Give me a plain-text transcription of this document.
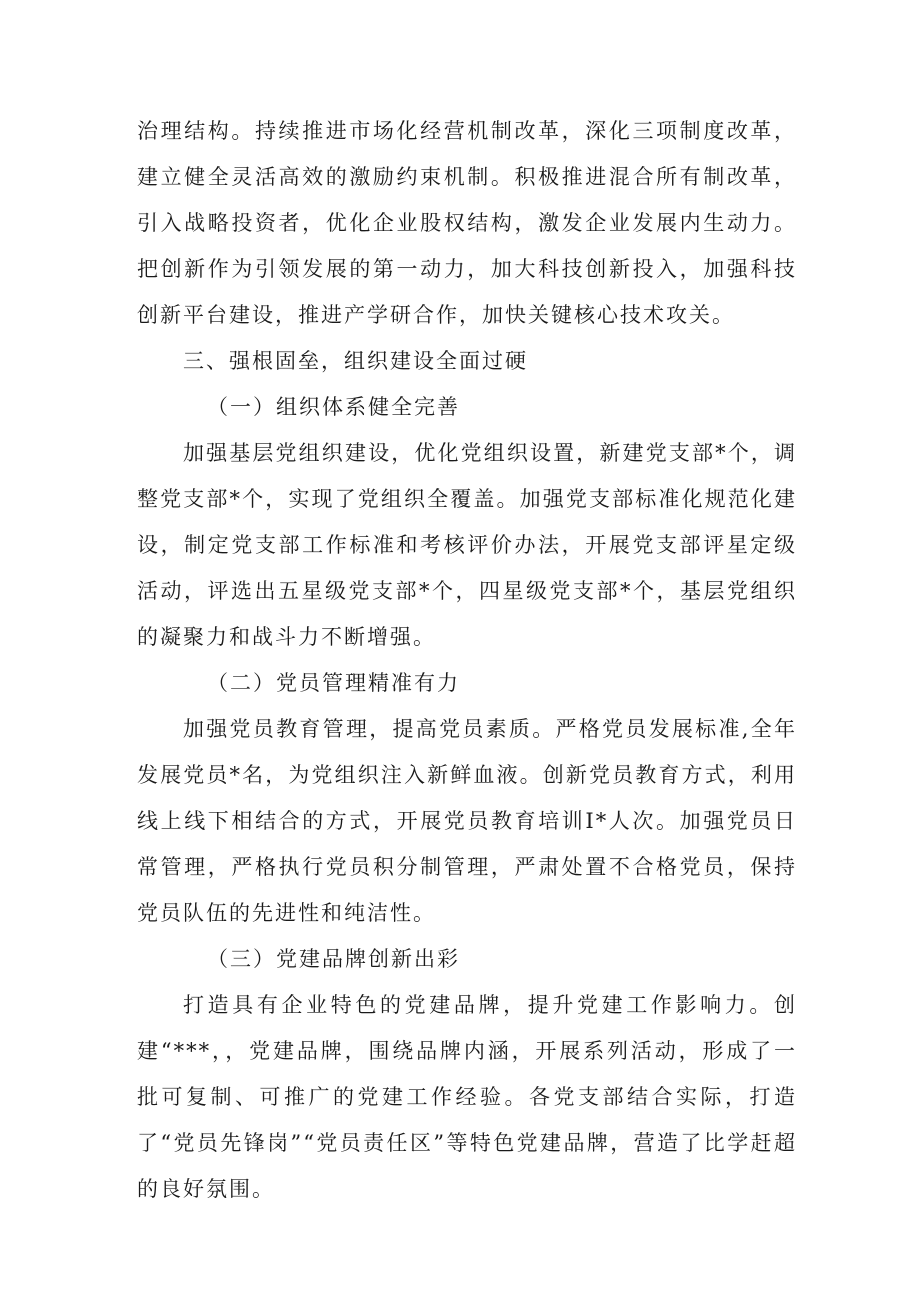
治理结构。持续推进市场化经营机制改革，深化三项制度改革，建立健全灵活高效的激励约束机制。积极推进混合所有制改革，引入战略投资者，优化企业股权结构，激发企业发展内生动力。把创新作为引领发展的第一动力，加大科技创新投入，加强科技创新平台建设，推进产学研合作，加快关键核心技术攻关。

三、强根固垒，组织建设全面过硬
（一）组织体系健全完善

加强基层党组织建设，优化党组织设置，新建党支部*个，调整党支部*个，实现了党组织全覆盖。加强党支部标准化规范化建设，制定党支部工作标准和考核评价办法，开展党支部评星定级活动，评选出五星级党支部*个，四星级党支部*个，基层党组织的凝聚力和战斗力不断增强。

（二）党员管理精准有力

加强党员教育管理，提高党员素质。严格党员发展标准,全年发展党员*名，为党组织注入新鲜血液。创新党员教育方式，利用线上线下相结合的方式，开展党员教育培训I*人次。加强党员日常管理，严格执行党员积分制管理，严肃处置不合格党员，保持党员队伍的先进性和纯洁性。

（三）党建品牌创新出彩

打造具有企业特色的党建品牌，提升党建工作影响力。创建“***，，党建品牌，围绕品牌内涵，开展系列活动，形成了一批可复制、可推广的党建工作经验。各党支部结合实际，打造了“党员先锋岗”“党员责任区”等特色党建品牌，营造了比学赶超的良好氛围。
